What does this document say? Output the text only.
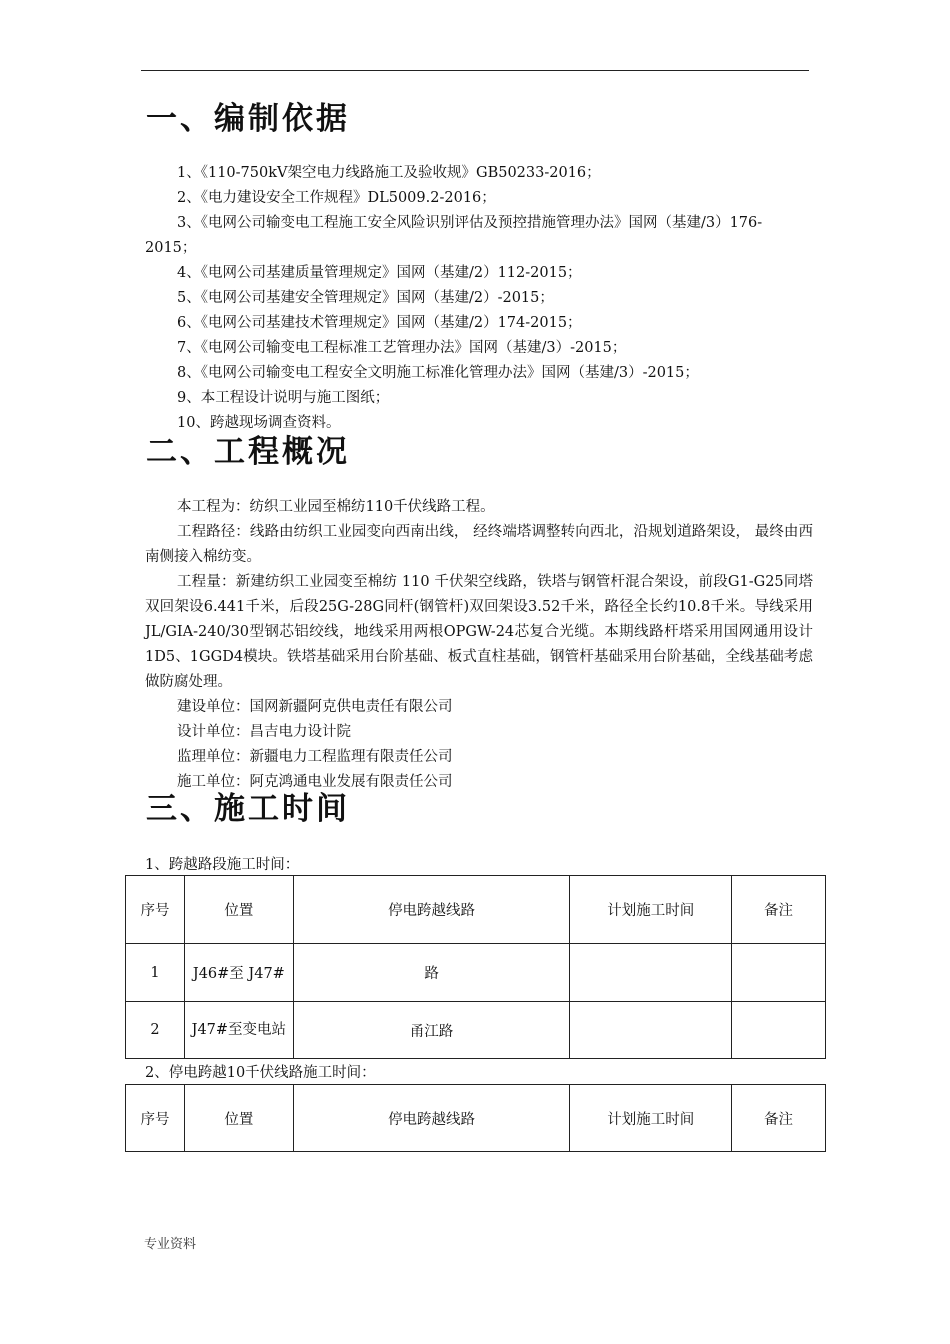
一、编制依据

1、《110-750kV架空电力线路施工及验收规》GB50233-2016；

2、《电力建设安全工作规程》DL5009.2-2016；

3、《电网公司输变电工程施工安全风险识别评估及预控措施管理办法》国网（基建/3）176-2015；

4、《电网公司基建质量管理规定》国网（基建/2）112-2015；

5、《电网公司基建安全管理规定》国网（基建/2）-2015；

6、《电网公司基建技术管理规定》国网（基建/2）174-2015；

7、《电网公司输变电工程标准工艺管理办法》国网（基建/3）-2015；

8、《电网公司输变电工程安全文明施工标准化管理办法》国网（基建/3）-2015；

9、本工程设计说明与施工图纸；

10、跨越现场调查资料。

二、工程概况

本工程为：纺织工业园至棉纺110千伏线路工程。

工程路径：线路由纺织工业园变向西南出线， 经终端塔调整转向西北，沿规划道路架设， 最终由西南侧接入棉纺变。

工程量：新建纺织工业园变至棉纺 110 千伏架空线路，铁塔与钢管杆混合架设，前段G1-G25同塔双回架设6.441千米，后段25G-28G同杆(钢管杆)双回架设3.52千米，路径全长约10.8千米。导线采用JL/GIA-240/30型钢芯铝绞线，地线采用两根OPGW-24芯复合光缆。本期线路杆塔采用国网通用设计1D5、1GGD4模块。铁塔基础采用台阶基础、板式直柱基础，钢管杆基础采用台阶基础，全线基础考虑做防腐处理。

建设单位：国网新疆阿克供电责任有限公司

设计单位：昌吉电力设计院

监理单位：新疆电力工程监理有限责任公司

施工单位：阿克鸿通电业发展有限责任公司

三、施工时间

1、跨越路段施工时间：

序号	位置	停电跨越线路	计划施工时间	备注
1	J46#至 J47#	路		
2	J47#至变电站	甬江路		

2、停电跨越10千伏线路施工时间：

序号	位置	停电跨越线路	计划施工时间	备注
专业资料
